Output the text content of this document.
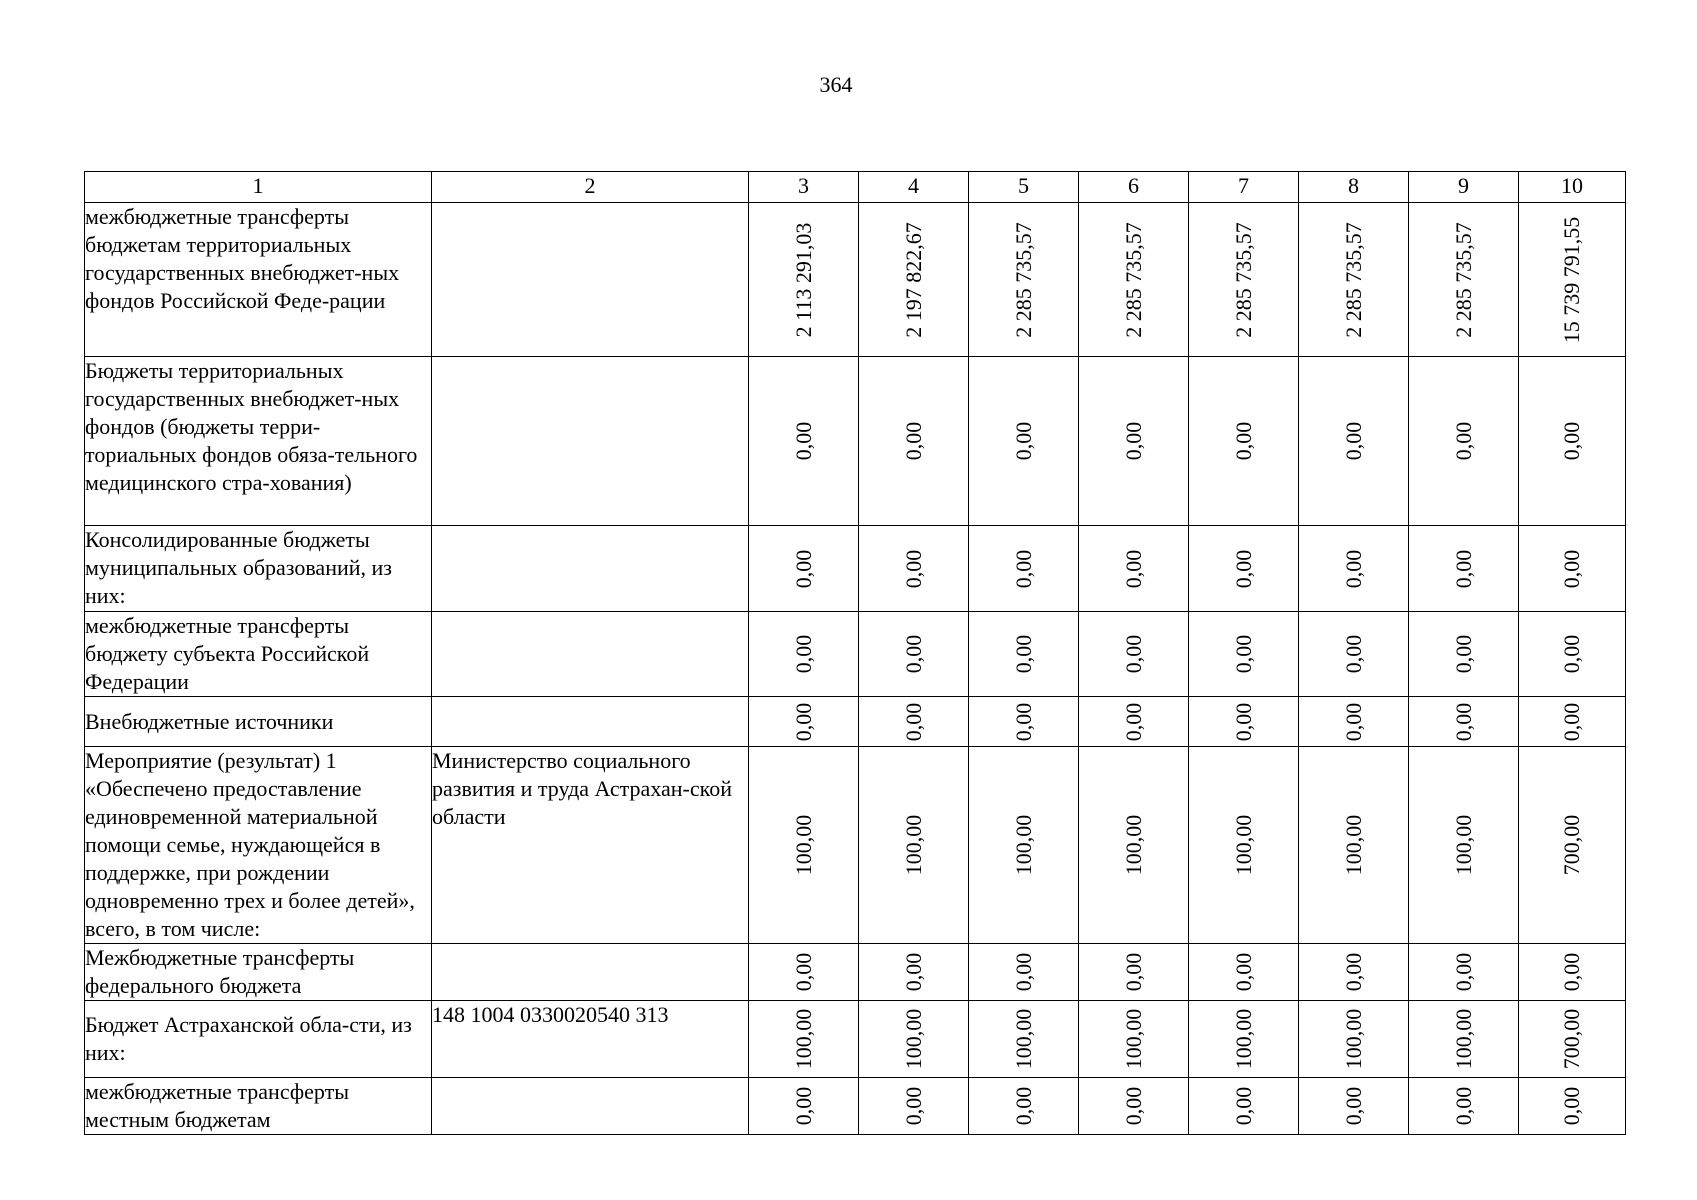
364
1	2	3	4	5	6	7	8	9	10
межбюджетные трансферты бюджетам территориальных государственных внебюджет-ных фондов Российской Феде-рации		2 113 291,03	2 197 822,67	2 285 735,57	2 285 735,57	2 285 735,57	2 285 735,57	2 285 735,57	15 739 791,55

Бюджеты территориальных государственных внебюджет-ных фондов (бюджеты терри-ториальных фондов обяза-тельного медицинского стра-хования)		0,00	0,00	0,00	0,00	0,00	0,00	0,00	0,00

Консолидированные бюджеты муниципальных образований, из них:		0,00	0,00	0,00	0,00	0,00	0,00	0,00	0,00

межбюджетные трансферты бюджету субъекта Российской Федерации		0,00	0,00	0,00	0,00	0,00	0,00	0,00	0,00

Внебюджетные источники		0,00	0,00	0,00	0,00	0,00	0,00	0,00	0,00

Мероприятие (результат) 1 «Обеспечено предоставление единовременной материальной помощи семье, нуждающейся в поддержке, при рождении одновременно трех и более детей», всего, в том числе:	Министерство социального развития и труда Астрахан-ской области	100,00	100,00	100,00	100,00	100,00	100,00	100,00	700,00

Межбюджетные трансферты федерального бюджета		0,00	0,00	0,00	0,00	0,00	0,00	0,00	0,00

Бюджет Астраханской обла-сти, из них:	148 1004 0330020540 313	100,00	100,00	100,00	100,00	100,00	100,00	100,00	700,00

межбюджетные трансферты местным бюджетам		0,00	0,00	0,00	0,00	0,00	0,00	0,00	0,00
